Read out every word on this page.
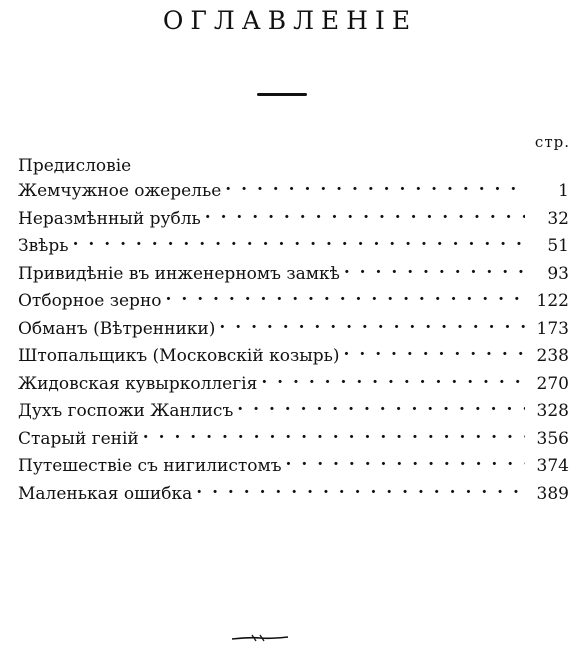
ОГЛАВЛЕНІЕ
стр.
Предисловіе
Жемчужное ожерелье . . .	1
Неразмѣнный рубль . . .	32
Звѣрь . . .	51
Привидѣніе въ инженерномъ замкѣ . . .	93
Отборное зерно . . .	122
Обманъ (Вѣтренники) . . .	173
Штопальщикъ (Московскій козырь) . . .	238
Жидовская кувырколлегія . . .	270
Духъ госпожи Жанлисъ . . .	328
Старый геній . . .	356
Путешествіе съ нигилистомъ . . .	374
Маленькая ошибка . . .	389
